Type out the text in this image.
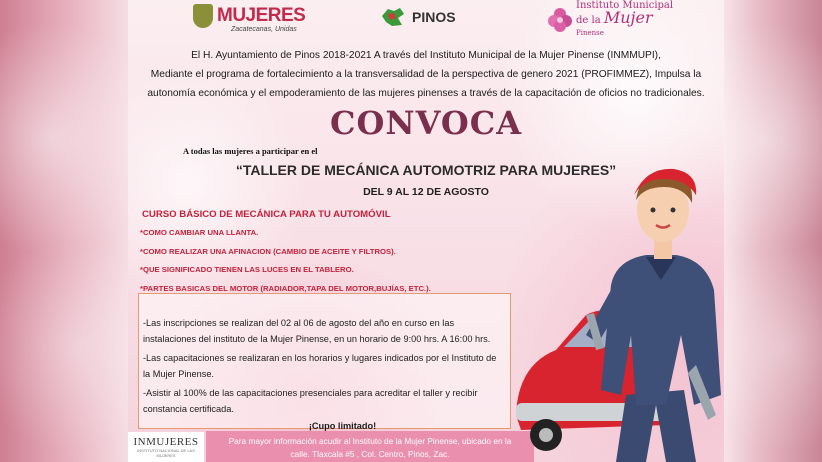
MUJERES
Zacatecanas, Unidas
PINOS
Instituto Municipal
de la Mujer
Pinense
El H. Ayuntamiento de Pinos 2018-2021 A través del Instituto Municipal de la Mujer Pinense (INMMUPI),
Mediante el programa de fortalecimiento a la transversalidad de la perspectiva de genero 2021 (PROFIMMEZ), Impulsa la
autonomía económica y el empoderamiento de las mujeres pinenses a través de la capacitación de oficios no tradicionales.
CONVOCA
A todas las mujeres a participar en el
“TALLER DE MECÁNICA AUTOMOTRIZ PARA MUJERES”
DEL 9 AL 12 DE AGOSTO
CURSO BÁSICO DE MECÁNICA PARA TU AUTOMÓVIL
*COMO CAMBIAR UNA LLANTA.
*COMO REALIZAR UNA AFINACION (CAMBIO DE ACEITE Y FILTROS).
*QUE SIGNIFICADO TIENEN LAS LUCES EN EL TABLERO.
*PARTES BASICAS DEL MOTOR (RADIADOR,TAPA DEL MOTOR,BUJÍAS, ETC.).

-Las inscripciones se realizan del 02 al 06 de agosto del año en curso en las instalaciones del instituto de la Mujer Pinense, en un horario de 9:00 hrs. A 16:00 hrs.

-Las capacitaciones se realizaran en los horarios y lugares indicados por el Instituto de la Mujer Pinense.

-Asistir al 100% de las capacitaciones presenciales para acreditar el taller y recibir constancia certificada.

¡Cupo limitado!
INMUJERES
INSTITUTO NACIONAL DE LAS MUJERES
Para mayor información acudir al Instituto de la Mujer Pinense, ubicado en la
calle. Tlaxcala #5 , Col. Centro, Pinos, Zac.
